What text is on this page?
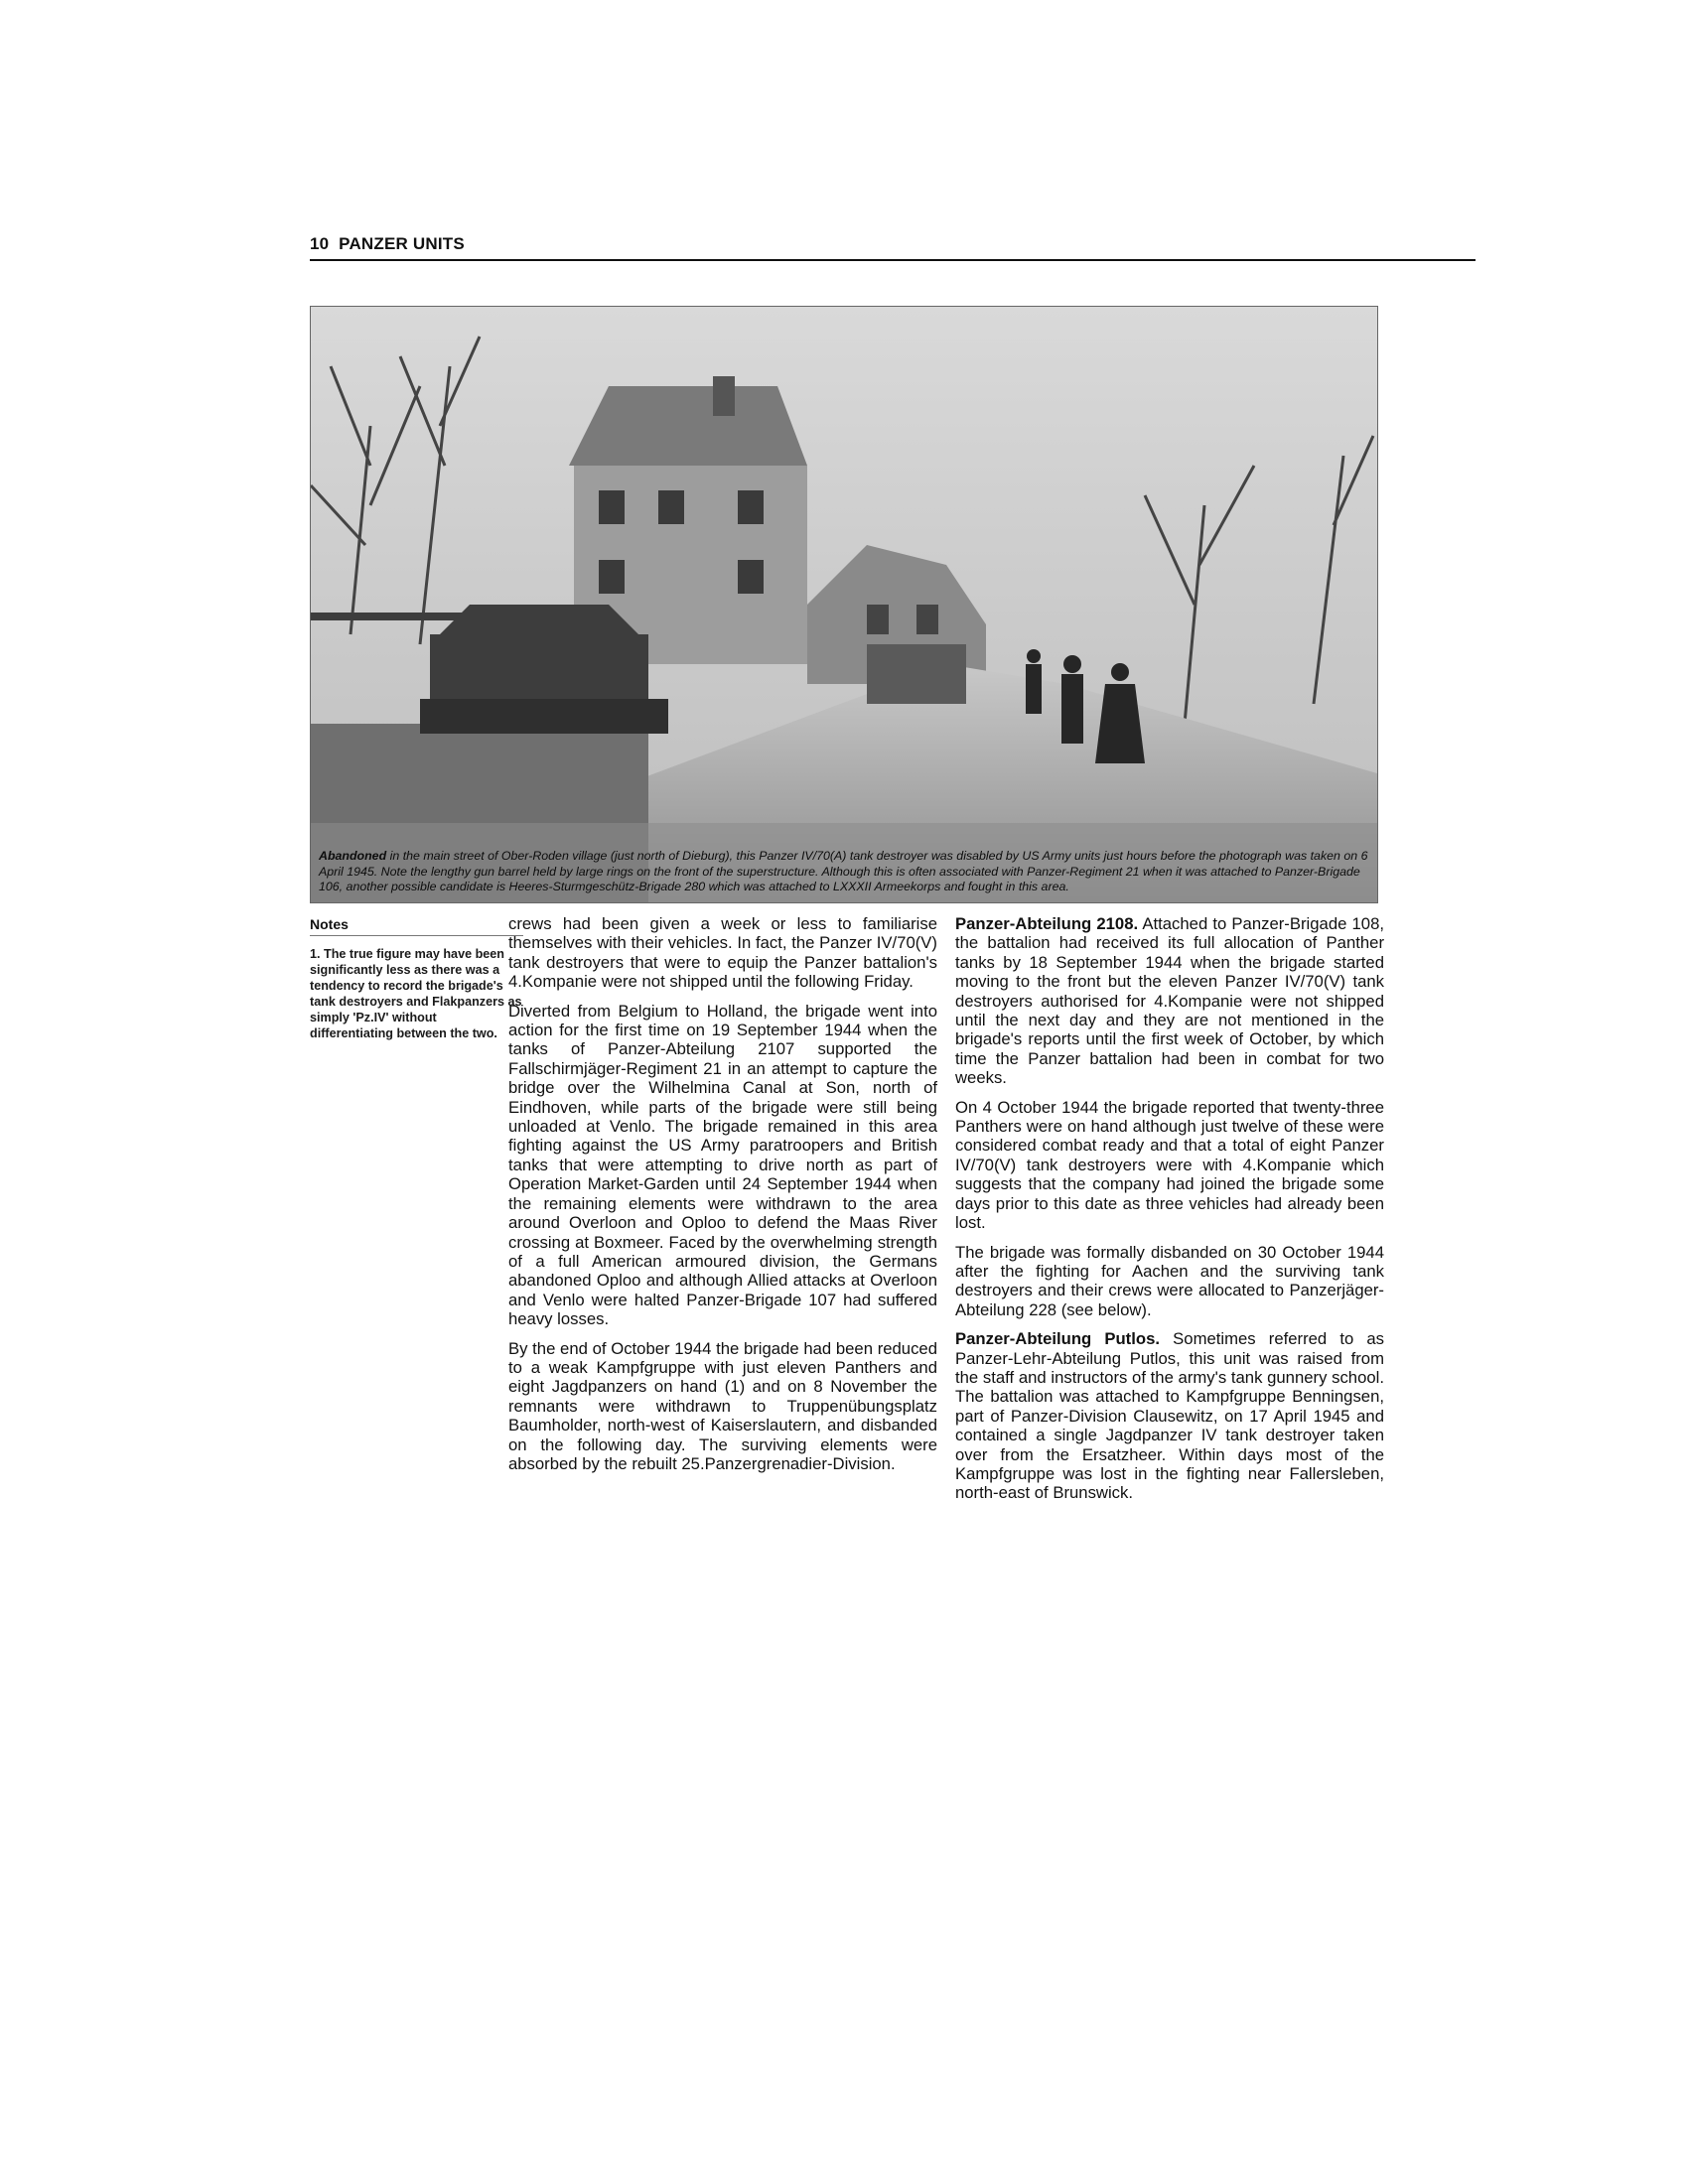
10 PANZER UNITS
Abandoned in the main street of Ober-Roden village (just north of Dieburg), this Panzer IV/70(A) tank destroyer was disabled by US Army units just hours before the photograph was taken on 6 April 1945. Note the lengthy gun barrel held by large rings on the front of the superstructure. Although this is often associated with Panzer-Regiment 21 when it was attached to Panzer-Brigade 106, another possible candidate is Heeres-Sturmgeschütz-Brigade 280 which was attached to LXXXII Armeekorps and fought in this area.
Notes

1. The true figure may have been significantly less as there was a tendency to record the brigade's tank destroyers and Flakpanzers as simply 'Pz.IV' without differentiating between the two.

crews had been given a week or less to familiarise themselves with their vehicles. In fact, the Panzer IV/70(V) tank destroyers that were to equip the Panzer battalion's 4.Kompanie were not shipped until the following Friday.

Diverted from Belgium to Holland, the brigade went into action for the first time on 19 September 1944 when the tanks of Panzer-Abteilung 2107 supported the Fallschirmjäger-Regiment 21 in an attempt to capture the bridge over the Wilhelmina Canal at Son, north of Eindhoven, while parts of the brigade were still being unloaded at Venlo. The brigade remained in this area fighting against the US Army paratroopers and British tanks that were attempting to drive north as part of Operation Market-Garden until 24 September 1944 when the remaining elements were withdrawn to the area around Overloon and Oploo to defend the Maas River crossing at Boxmeer. Faced by the overwhelming strength of a full American armoured division, the Germans abandoned Oploo and although Allied attacks at Overloon and Venlo were halted Panzer-Brigade 107 had suffered heavy losses.

By the end of October 1944 the brigade had been reduced to a weak Kampfgruppe with just eleven Panthers and eight Jagdpanzers on hand (1) and on 8 November the remnants were withdrawn to Truppenübungsplatz Baumholder, north-west of Kaiserslautern, and disbanded on the following day. The surviving elements were absorbed by the rebuilt 25.Panzergrenadier-Division.

Panzer-Abteilung 2108. Attached to Panzer-Brigade 108, the battalion had received its full allocation of Panther tanks by 18 September 1944 when the brigade started moving to the front but the eleven Panzer IV/70(V) tank destroyers authorised for 4.Kompanie were not shipped until the next day and they are not mentioned in the brigade's reports until the first week of October, by which time the Panzer battalion had been in combat for two weeks.

On 4 October 1944 the brigade reported that twenty-three Panthers were on hand although just twelve of these were considered combat ready and that a total of eight Panzer IV/70(V) tank destroyers were with 4.Kompanie which suggests that the company had joined the brigade some days prior to this date as three vehicles had already been lost.

The brigade was formally disbanded on 30 October 1944 after the fighting for Aachen and the surviving tank destroyers and their crews were allocated to Panzerjäger-Abteilung 228 (see below).

Panzer-Abteilung Putlos. Sometimes referred to as Panzer-Lehr-Abteilung Putlos, this unit was raised from the staff and instructors of the army's tank gunnery school. The battalion was attached to Kampfgruppe Benningsen, part of Panzer-Division Clausewitz, on 17 April 1945 and contained a single Jagdpanzer IV tank destroyer taken over from the Ersatzheer. Within days most of the Kampfgruppe was lost in the fighting near Fallersleben, north-east of Brunswick.
